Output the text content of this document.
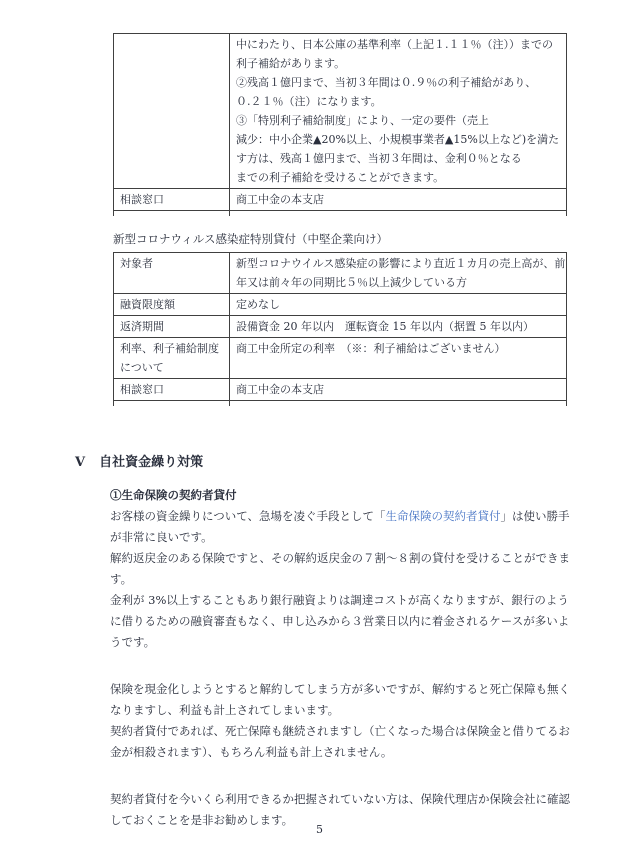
中にわたり、日本公庫の基準利率（上記１.１１％（注））までの
利子補給があります。
②残高１億円まで、当初３年間は０.９％の利子補給があり、
０.２１％（注）になります。
③「特別利子補給制度」により、一定の要件（売上
減少：中小企業▲20%以上、小規模事業者▲15%以上など)を満た
す方は、残高１億円まで、当初３年間は、金利０％となる
までの利子補給を受けることができます。

相談窓口	商工中金の本支店
新型コロナウィルス感染症特別貸付（中堅企業向け）
対象者	新型コロナウイルス感染症の影響により直近１カ月の売上高が、前
年又は前々年の同期比５％以上減少している方

融資限度額	定めなし

返済期間	設備資金 20 年以内　運転資金 15 年以内（据置 5 年以内）

利率、利子補給制度
について	商工中金所定の利率　（※：利子補給はございません）

相談窓口	商工中金の本支店
Ⅴ 自社資金繰り対策
①生命保険の契約者貸付
お客様の資金繰りについて、急場を凌ぐ手段として「生命保険の契約者貸付」は使い勝手
が非常に良いです。
解約返戻金のある保険ですと、その解約返戻金の７割～８割の貸付を受けることができま
す。
金利が 3%以上することもあり銀行融資よりは調達コストが高くなりますが、銀行のよう
に借りるための融資審査もなく、申し込みから３営業日以内に着金されるケースが多いよ
うです。
保険を現金化しようとすると解約してしまう方が多いですが、解約すると死亡保障も無く
なりますし、利益も計上されてしまいます。
契約者貸付であれば、死亡保障も継続されますし（亡くなった場合は保険金と借りてるお
金が相殺されます）、もちろん利益も計上されません。
契約者貸付を今いくら利用できるか把握されていない方は、保険代理店か保険会社に確認
しておくことを是非お勧めします。
5
